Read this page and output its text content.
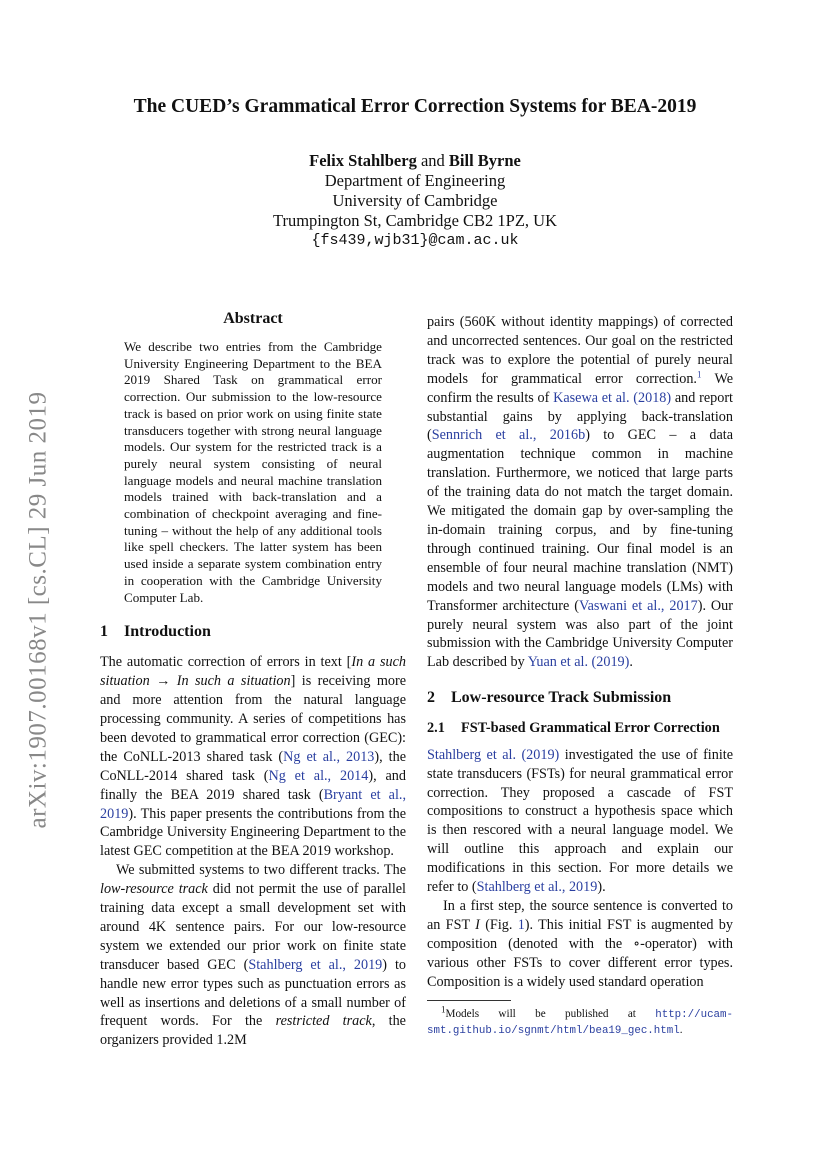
arXiv:1907.00168v1 [cs.CL] 29 Jun 2019
The CUED’s Grammatical Error Correction Systems for BEA-2019
Felix Stahlberg and Bill Byrne
Department of Engineering
University of Cambridge
Trumpington St, Cambridge CB2 1PZ, UK
{fs439,wjb31}@cam.ac.uk
Abstract

We describe two entries from the Cambridge University Engineering Department to the BEA 2019 Shared Task on grammatical error correction. Our submission to the low-resource track is based on prior work on using finite state transducers together with strong neural language models. Our system for the restricted track is a purely neural system consisting of neural language models and neural machine translation models trained with back-translation and a combination of checkpoint averaging and fine-tuning – without the help of any additional tools like spell checkers. The latter system has been used inside a separate system combination entry in cooperation with the Cambridge University Computer Lab.

1 Introduction

The automatic correction of errors in text [In a such situation → In such a situation] is receiving more and more attention from the natural language processing community. A series of competitions has been devoted to grammatical error correction (GEC): the CoNLL-2013 shared task (Ng et al., 2013), the CoNLL-2014 shared task (Ng et al., 2014), and finally the BEA 2019 shared task (Bryant et al., 2019). This paper presents the contributions from the Cambridge University Engineering Department to the latest GEC competition at the BEA 2019 workshop.

We submitted systems to two different tracks. The low-resource track did not permit the use of parallel training data except a small development set with around 4K sentence pairs. For our low-resource system we extended our prior work on finite state transducer based GEC (Stahlberg et al., 2019) to handle new error types such as punctuation errors as well as insertions and deletions of a small number of frequent words. For the restricted track, the organizers provided 1.2M

pairs (560K without identity mappings) of corrected and uncorrected sentences. Our goal on the restricted track was to explore the potential of purely neural models for grammatical error correction.$^1$ We confirm the results of Kasewa et al. (2018) and report substantial gains by applying back-translation (Sennrich et al., 2016b) to GEC – a data augmentation technique common in machine translation. Furthermore, we noticed that large parts of the training data do not match the target domain. We mitigated the domain gap by over-sampling the in-domain training corpus, and by fine-tuning through continued training. Our final model is an ensemble of four neural machine translation (NMT) models and two neural language models (LMs) with Transformer architecture (Vaswani et al., 2017). Our purely neural system was also part of the joint submission with the Cambridge University Computer Lab described by Yuan et al. (2019).

2 Low-resource Track Submission
2.1	FST-based Grammatical Error Correction

Stahlberg et al. (2019) investigated the use of finite state transducers (FSTs) for neural grammatical error correction. They proposed a cascade of FST compositions to construct a hypothesis space which is then rescored with a neural language model. We will outline this approach and explain our modifications in this section. For more details we refer to (Stahlberg et al., 2019).

In a first step, the source sentence is converted to an FST I (Fig. 1). This initial FST is augmented by composition (denoted with the ∘-operator) with various other FSTs to cover different error types. Composition is a widely used standard operation

$^1$Models will be published at http://ucam-smt.github.io/sgnmt/html/bea19_gec.html.
